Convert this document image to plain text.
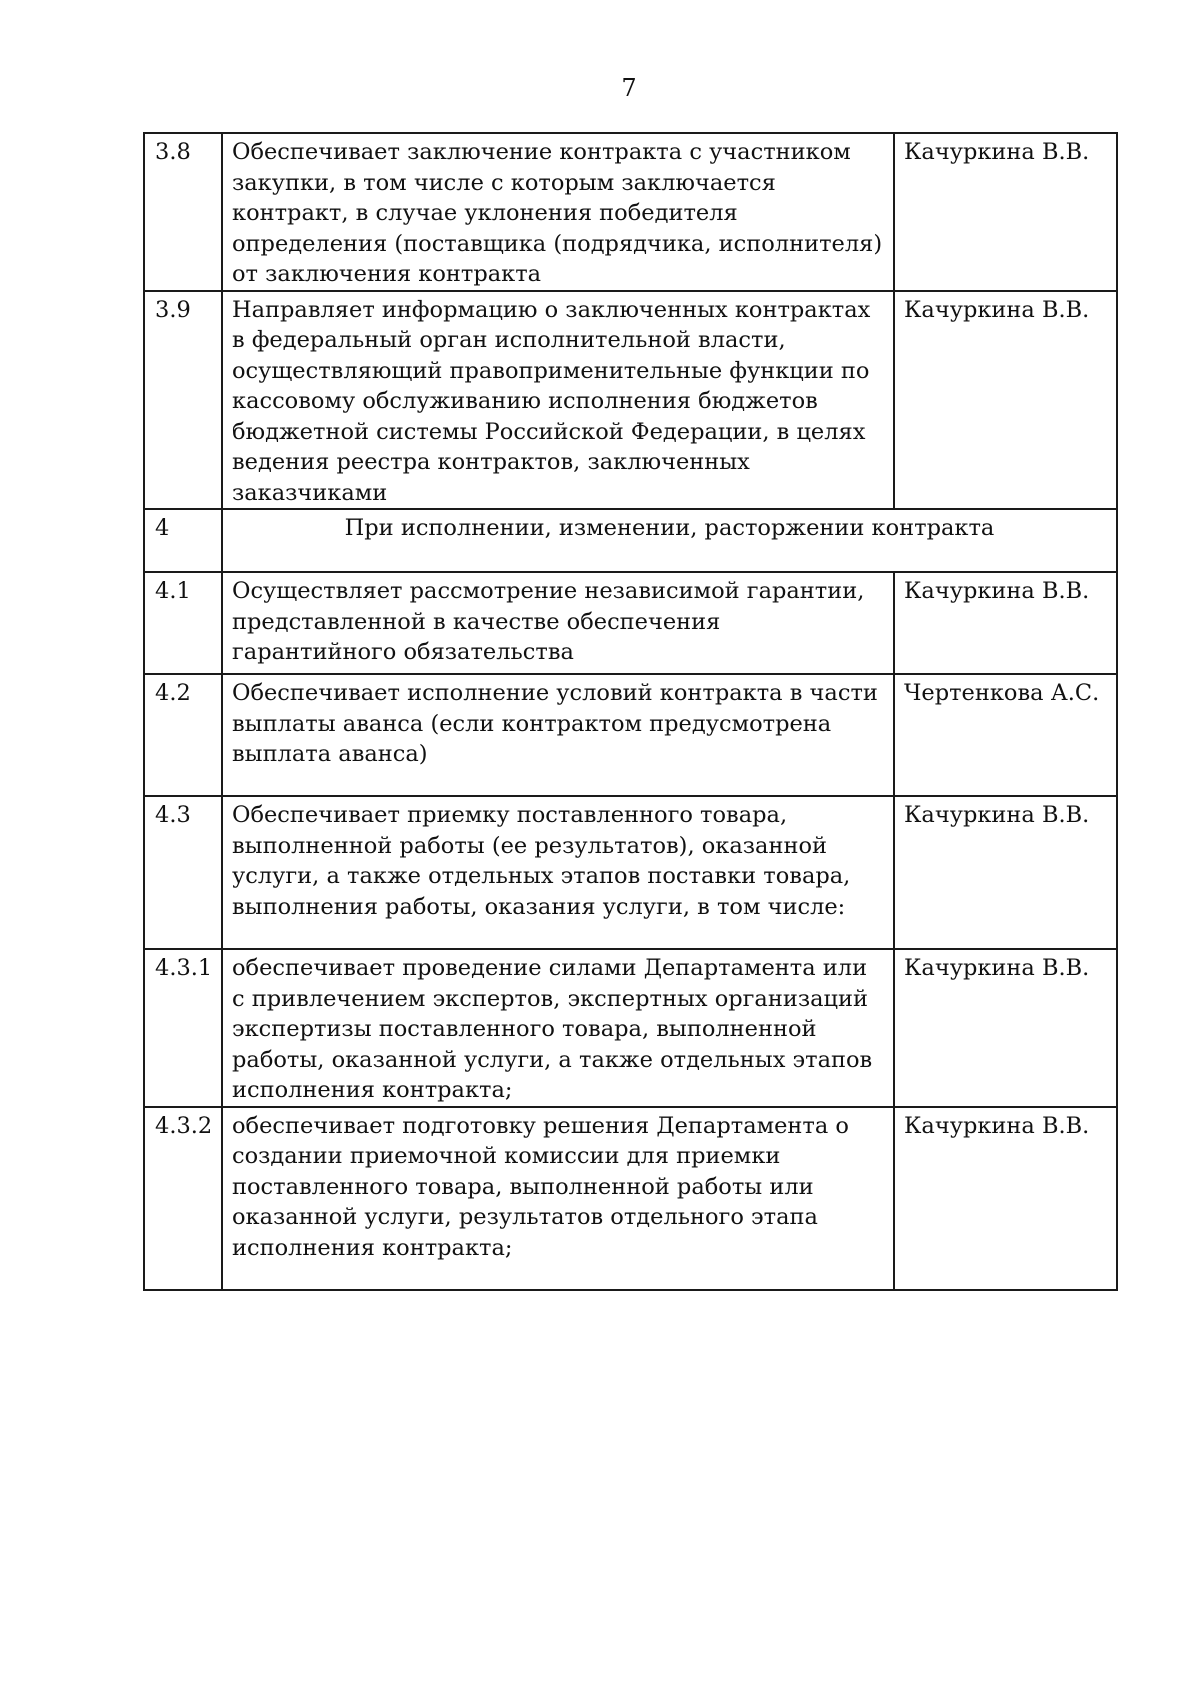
7
3.8	Обеспечивает заключение контракта с участником закупки, в том числе с которым заключается контракт, в случае уклонения победителя определения (поставщика (подрядчика, исполнителя) от заключения контракта	Качуркина В.В.
3.9	Направляет информацию о заключенных контрактах в федеральный орган исполнительной власти, осуществляющий правоприменительные функции по кассовому обслуживанию исполнения бюджетов бюджетной системы Российской Федерации, в целях ведения реестра контрактов, заключенных заказчиками	Качуркина В.В.
4	При исполнении, изменении, расторжении контракта	
4.1	Осуществляет рассмотрение независимой гарантии, представленной в качестве обеспечения гарантийного обязательства	Качуркина В.В.
4.2	Обеспечивает исполнение условий контракта в части выплаты аванса (если контрактом предусмотрена выплата аванса)	Чертенкова А.С.
4.3	Обеспечивает приемку поставленного товара, выполненной работы (ее результатов), оказанной услуги, а также отдельных этапов поставки товара, выполнения работы, оказания услуги, в том числе:	Качуркина В.В.
4.3.1	обеспечивает проведение силами Департамента или с привлечением экспертов, экспертных организаций экспертизы поставленного товара, выполненной работы, оказанной услуги, а также отдельных этапов исполнения контракта;	Качуркина В.В.
4.3.2	обеспечивает подготовку решения Департамента о создании приемочной комиссии для приемки поставленного товара, выполненной работы или оказанной услуги, результатов отдельного этапа исполнения контракта;	Качуркина В.В.
